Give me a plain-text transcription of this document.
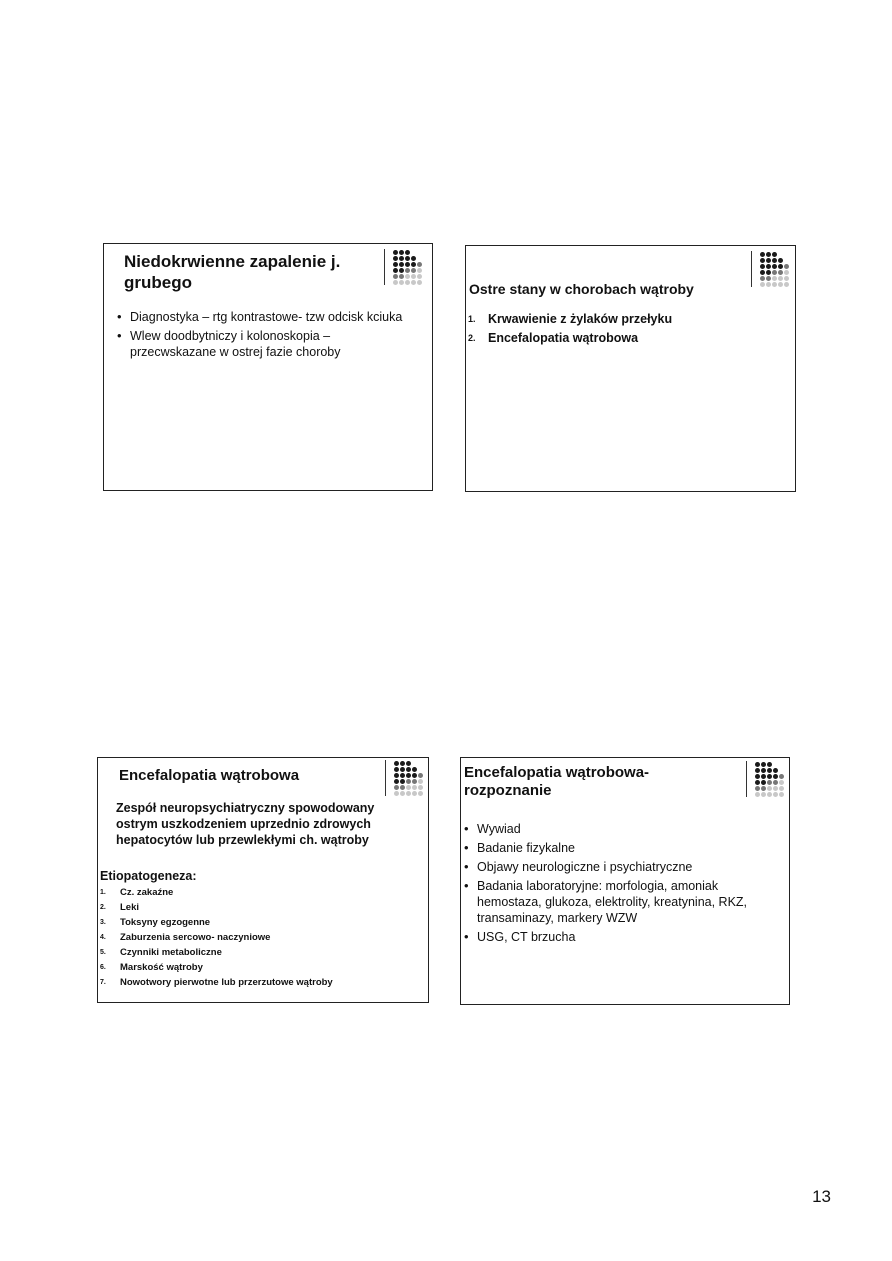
Niedokrwienne zapalenie j. grubego
• Diagnostyka – rtg kontrastowe- tzw odcisk kciuka
• Wlew doodbytniczy i kolonoskopia – przecwskazane w ostrej fazie choroby
Ostre stany w chorobach wątroby
1. Krwawienie z żylaków przełyku
2. Encefalopatia wątrobowa
Encefalopatia wątrobowa
Zespół neuropsychiatryczny spowodowany ostrym uszkodzeniem uprzednio zdrowych hepatocytów lub przewlekłymi ch. wątroby
Etiopatogeneza:
1. Cz. zakaźne
2. Leki
3. Toksyny egzogenne
4. Zaburzenia sercowo- naczyniowe
5. Czynniki metaboliczne
6. Marskość wątroby
7. Nowotwory pierwotne lub przerzutowe wątroby
Encefalopatia wątrobowa- rozpoznanie
• Wywiad
• Badanie fizykalne
• Objawy neurologiczne i psychiatryczne
• Badania laboratoryjne: morfologia, amoniak hemostaza, glukoza, elektrolity, kreatynina, RKZ, transaminazy, markery WZW
• USG, CT brzucha
13
